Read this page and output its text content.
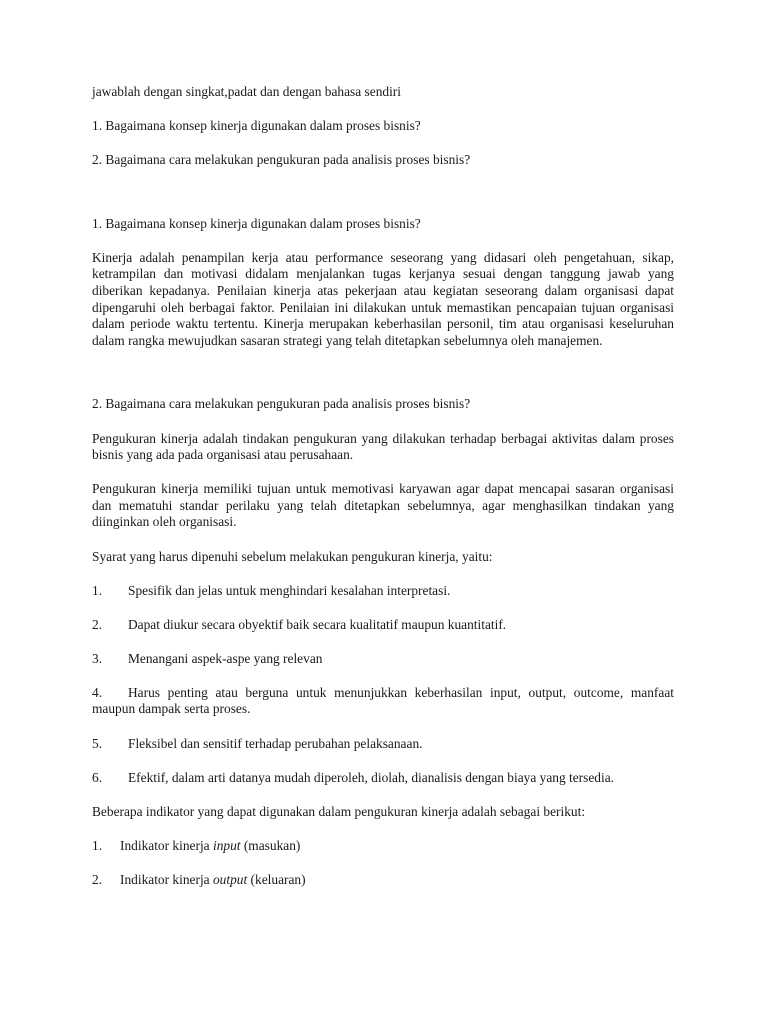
jawablah dengan singkat,padat dan dengan bahasa sendiri

1. Bagaimana konsep kinerja digunakan dalam proses bisnis?

2. Bagaimana cara melakukan pengukuran pada analisis proses bisnis?

1. Bagaimana konsep kinerja digunakan dalam proses bisnis?

Kinerja adalah penampilan kerja atau performance seseorang yang didasari oleh pengetahuan, sikap, ketrampilan dan motivasi didalam menjalankan tugas kerjanya sesuai dengan tanggung jawab yang diberikan kepadanya. Penilaian kinerja atas pekerjaan atau kegiatan seseorang dalam organisasi dapat dipengaruhi oleh berbagai faktor. Penilaian ini dilakukan untuk memastikan pencapaian tujuan organisasi dalam periode waktu tertentu. Kinerja merupakan keberhasilan personil, tim atau organisasi keseluruhan dalam rangka mewujudkan sasaran strategi yang telah ditetapkan sebelumnya oleh manajemen.

2. Bagaimana cara melakukan pengukuran pada analisis proses bisnis?

Pengukuran kinerja adalah tindakan pengukuran yang dilakukan terhadap berbagai aktivitas dalam proses bisnis yang ada pada organisasi atau perusahaan.

Pengukuran kinerja memiliki tujuan untuk memotivasi karyawan agar dapat mencapai sasaran organisasi dan mematuhi standar perilaku yang telah ditetapkan sebelumnya, agar menghasilkan tindakan yang diinginkan oleh organisasi.

Syarat yang harus dipenuhi sebelum melakukan pengukuran kinerja, yaitu:

1.	Spesifik dan jelas untuk menghindari kesalahan interpretasi.
2.	Dapat diukur secara obyektif baik secara kualitatif maupun kuantitatif.
3.	Menangani aspek-aspe yang relevan

4. Harus penting atau berguna untuk menunjukkan keberhasilan input, output, outcome, manfaat maupun dampak serta proses.

5.	Fleksibel dan sensitif terhadap perubahan pelaksanaan.

6. Efektif, dalam arti datanya mudah diperoleh, diolah, dianalisis dengan biaya yang tersedia.

Beberapa indikator yang dapat digunakan dalam pengukuran kinerja adalah sebagai berikut:

1.	Indikator kinerja input (masukan)
2.	Indikator kinerja output (keluaran)
